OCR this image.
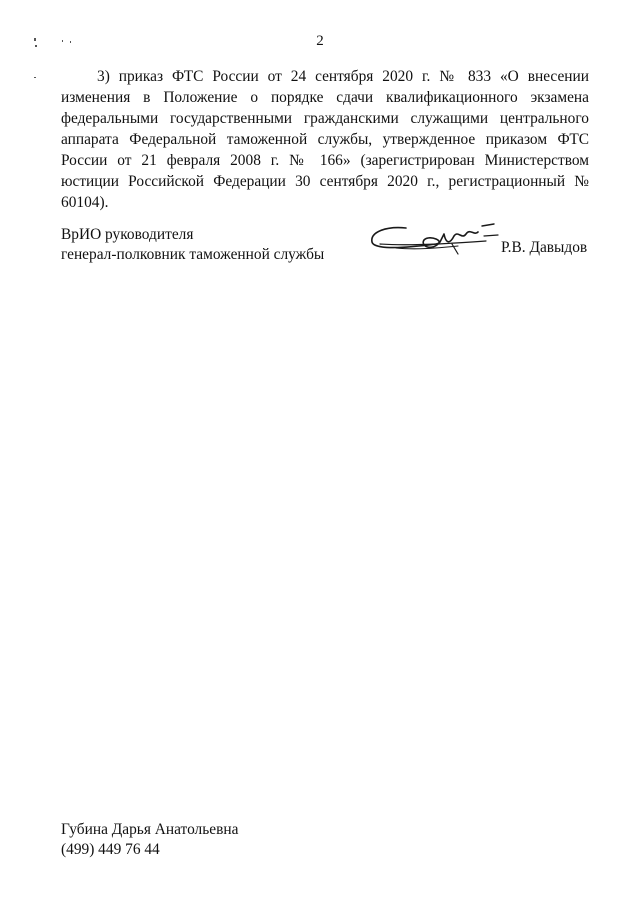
2

3) приказ ФТС России от 24 сентября 2020 г. № 833 «О внесении изменения в Положение о порядке сдачи квалификационного экзамена федеральными государственными гражданскими служащими центрального аппарата Федеральной таможенной службы, утвержденное приказом ФТС России от 21 февраля 2008 г. № 166» (зарегистрирован Министерством юстиции Российской Федерации 30 сентября 2020 г., регистрационный № 60104).

ВрИО руководителя
генерал-полковник таможенной службы	Р.В. Давыдов
Губина Дарья Анатольевна
(499) 449 76 44
